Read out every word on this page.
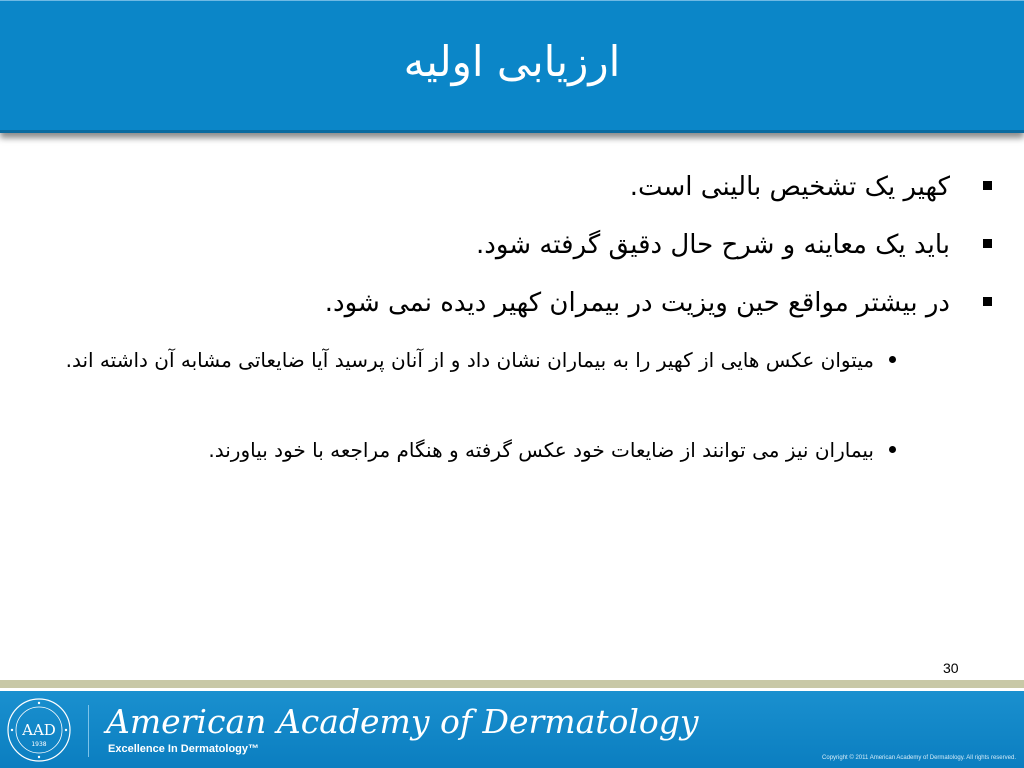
ارزیابی اولیه
کهیر یک تشخیص بالینی است.
باید یک معاینه و شرح حال دقیق گرفته شود.
در بیشتر مواقع حین ویزیت در بیمران کهیر دیده نمی شود.
میتوان عکس هایی از کهیر را به بیماران نشان داد و از آنان پرسید آیا ضایعاتی مشابه آن داشته اند.
بیماران نیز می توانند از ضایعات خود عکس گرفته و هنگام مراجعه با خود بیاورند.
30
AAD
1938
American Academy of Dermatology
Excellence In Dermatology™
Copyright © 2011 American Academy of Dermatology. All rights reserved.
